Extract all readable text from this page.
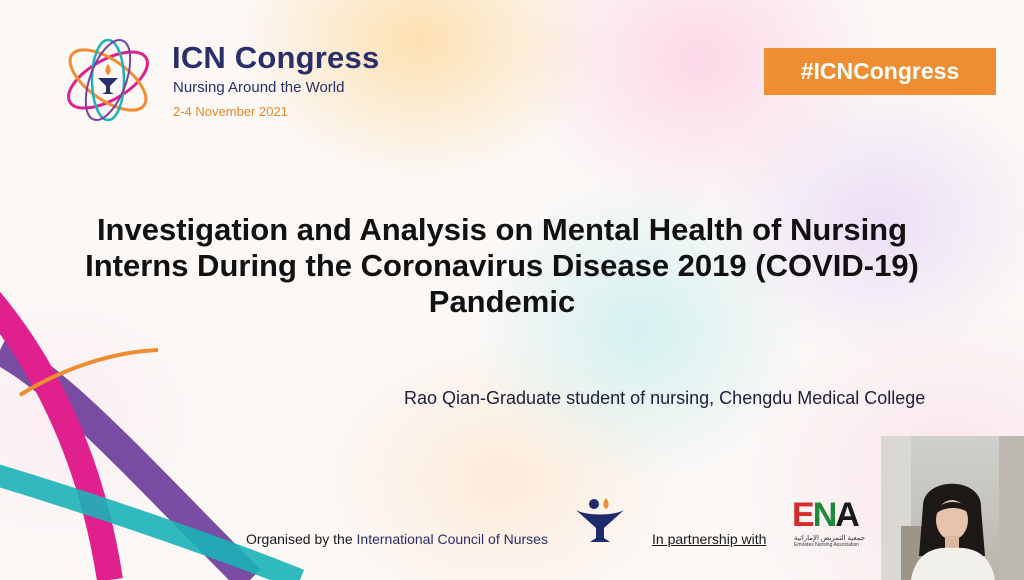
ICN Congress
Nursing Around the World
2-4 November 2021
#ICNCongress
Investigation and Analysis on Mental Health of Nursing
Interns During the Coronavirus Disease 2019 (COVID-19)
Pandemic
Rao Qian-Graduate student of nursing, Chengdu Medical College
Organised by the International Council of Nurses	In partnership with
ENA
جمعية التمريض الإماراتية
Emirates Nursing Association
